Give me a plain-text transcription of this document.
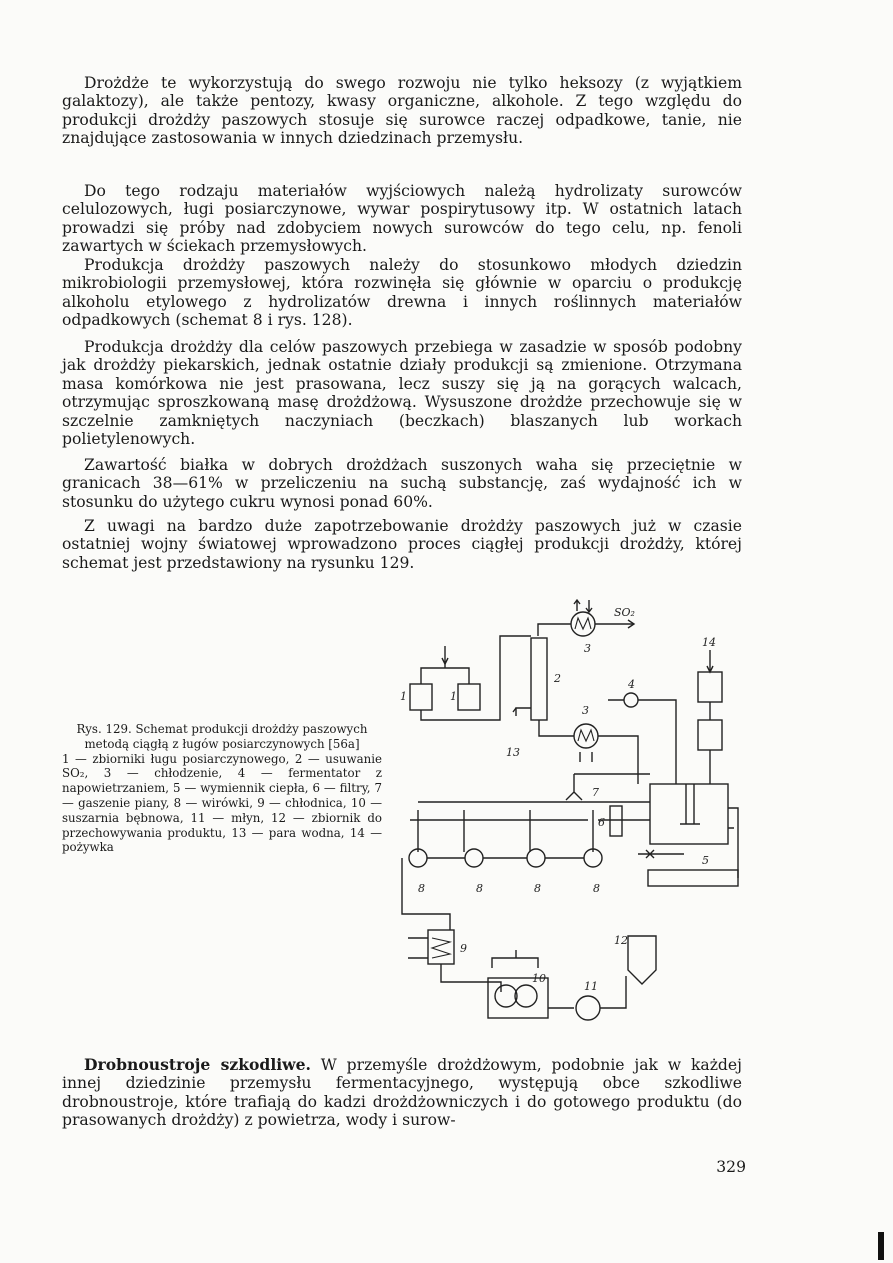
Drożdże te wykorzystują do swego rozwoju nie tylko heksozy (z wyjątkiem galaktozy), ale także pentozy, kwasy organiczne, alkohole. Z tego względu do produkcji drożdży paszowych stosuje się surowce raczej odpadkowe, tanie, nie znajdujące zastosowania w innych dziedzinach przemysłu.

Do tego rodzaju materiałów wyjściowych należą hydrolizaty surowców celulozowych, ługi posiarczynowe, wywar pospirytusowy itp. W ostatnich latach prowadzi się próby nad zdobyciem nowych surowców do tego celu, np. fenoli zawartych w ściekach przemysłowych.

Produkcja drożdży paszowych należy do stosunkowo młodych dziedzin mikrobiologii przemysłowej, która rozwinęła się głównie w oparciu o produkcję alkoholu etylowego z hydrolizatów drewna i innych roślinnych materiałów odpadkowych (schemat 8 i rys. 128).

Produkcja drożdży dla celów paszowych przebiega w zasadzie w sposób podobny jak drożdży piekarskich, jednak ostatnie działy produkcji są zmienione. Otrzymana masa komórkowa nie jest prasowana, lecz suszy się ją na gorących walcach, otrzymując sproszkowaną masę drożdżową. Wysuszone drożdże przechowuje się w szczelnie zamkniętych naczyniach (beczkach) blaszanych lub workach polietylenowych.

Zawartość białka w dobrych drożdżach suszonych waha się przeciętnie w granicach 38—61% w przeliczeniu na suchą substancję, zaś wydajność ich w stosunku do użytego cukru wynosi ponad 60%.

Z uwagi na bardzo duże zapotrzebowanie drożdży paszowych już w czasie ostatniej wojny światowej wprowadzono proces ciągłej produkcji drożdży, której schemat jest przedstawiony na rysunku 129.

Rys. 129. Schemat produkcji drożdży paszowych metodą ciągłą z ługów posiarczynowych [56a]

1 — zbiorniki ługu posiarczynowego, 2 — usuwanie SO₂, 3 — chłodzenie, 4 — fermentator z napowietrzaniem, 5 — wymiennik ciepła, 6 — filtry, 7 — gaszenie piany, 8 — wirówki, 9 — chłodnica, 10 — suszarnia bębnowa, 11 — młyn, 12 — zbiornik do przechowywania produktu, 13 — para wodna, 14 — pożywka

SO₂
3
2
13
1	1
3
4
14
7
6
5
8	8	8	8
9
10
11
12

Drobnoustroje szkodliwe. W przemyśle drożdżowym, podobnie jak w każdej innej dziedzinie przemysłu fermentacyjnego, występują obce szkodliwe drobnoustroje, które trafiają do kadzi drożdżowniczych i do gotowego produktu (do prasowanych drożdży) z powietrza, wody i surow-

329
